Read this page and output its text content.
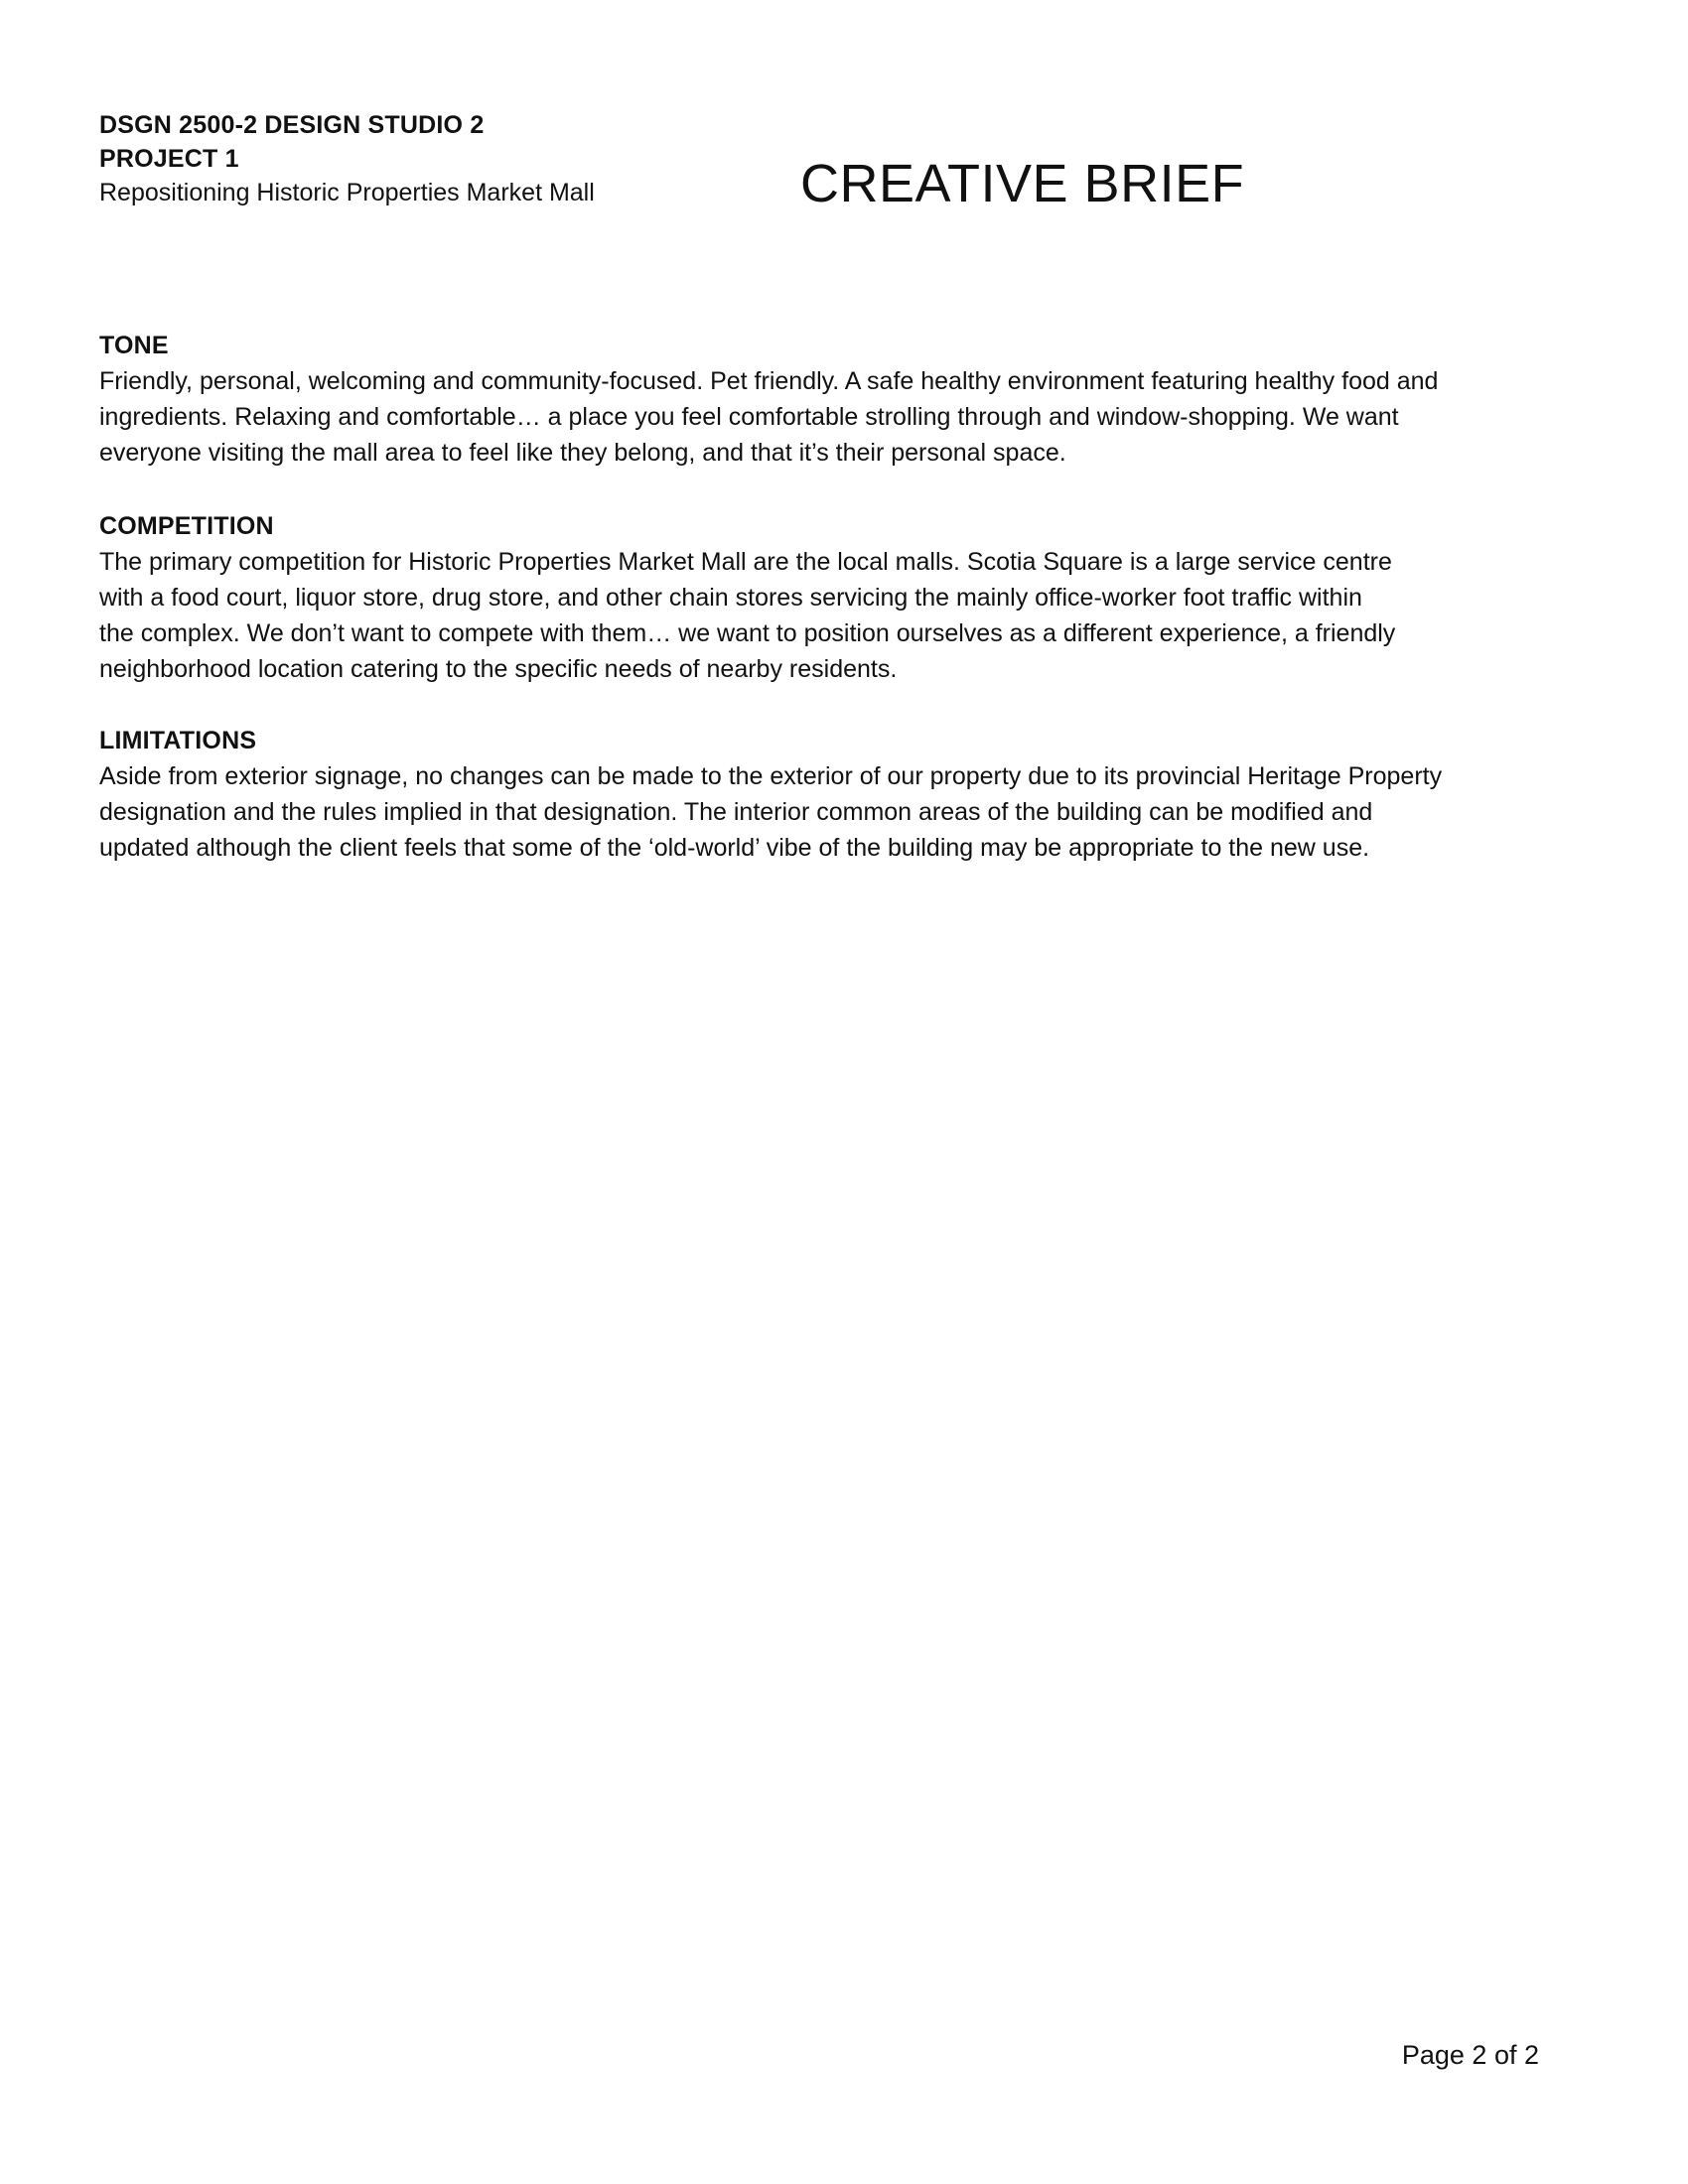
DSGN 2500-2 DESIGN STUDIO 2
PROJECT 1
Repositioning Historic Properties Market Mall	CREATIVE BRIEF
TONE
Friendly, personal, welcoming and community-focused. Pet friendly. A safe healthy environment featuring healthy food and
ingredients. Relaxing and comfortable… a place you feel comfortable strolling through and window-shopping. We want
everyone visiting the mall area to feel like they belong, and that it’s their personal space.
COMPETITION
The primary competition for Historic Properties Market Mall are the local malls. Scotia Square is a large service centre
with a food court, liquor store, drug store, and other chain stores servicing the mainly office-worker foot traffic within
the complex. We don’t want to compete with them… we want to position ourselves as a different experience, a friendly
neighborhood location catering to the specific needs of nearby residents.
LIMITATIONS
Aside from exterior signage, no changes can be made to the exterior of our property due to its provincial Heritage Property
designation and the rules implied in that designation. The interior common areas of the building can be modified and
updated although the client feels that some of the ‘old-world’ vibe of the building may be appropriate to the new use.
Page 2 of 2
